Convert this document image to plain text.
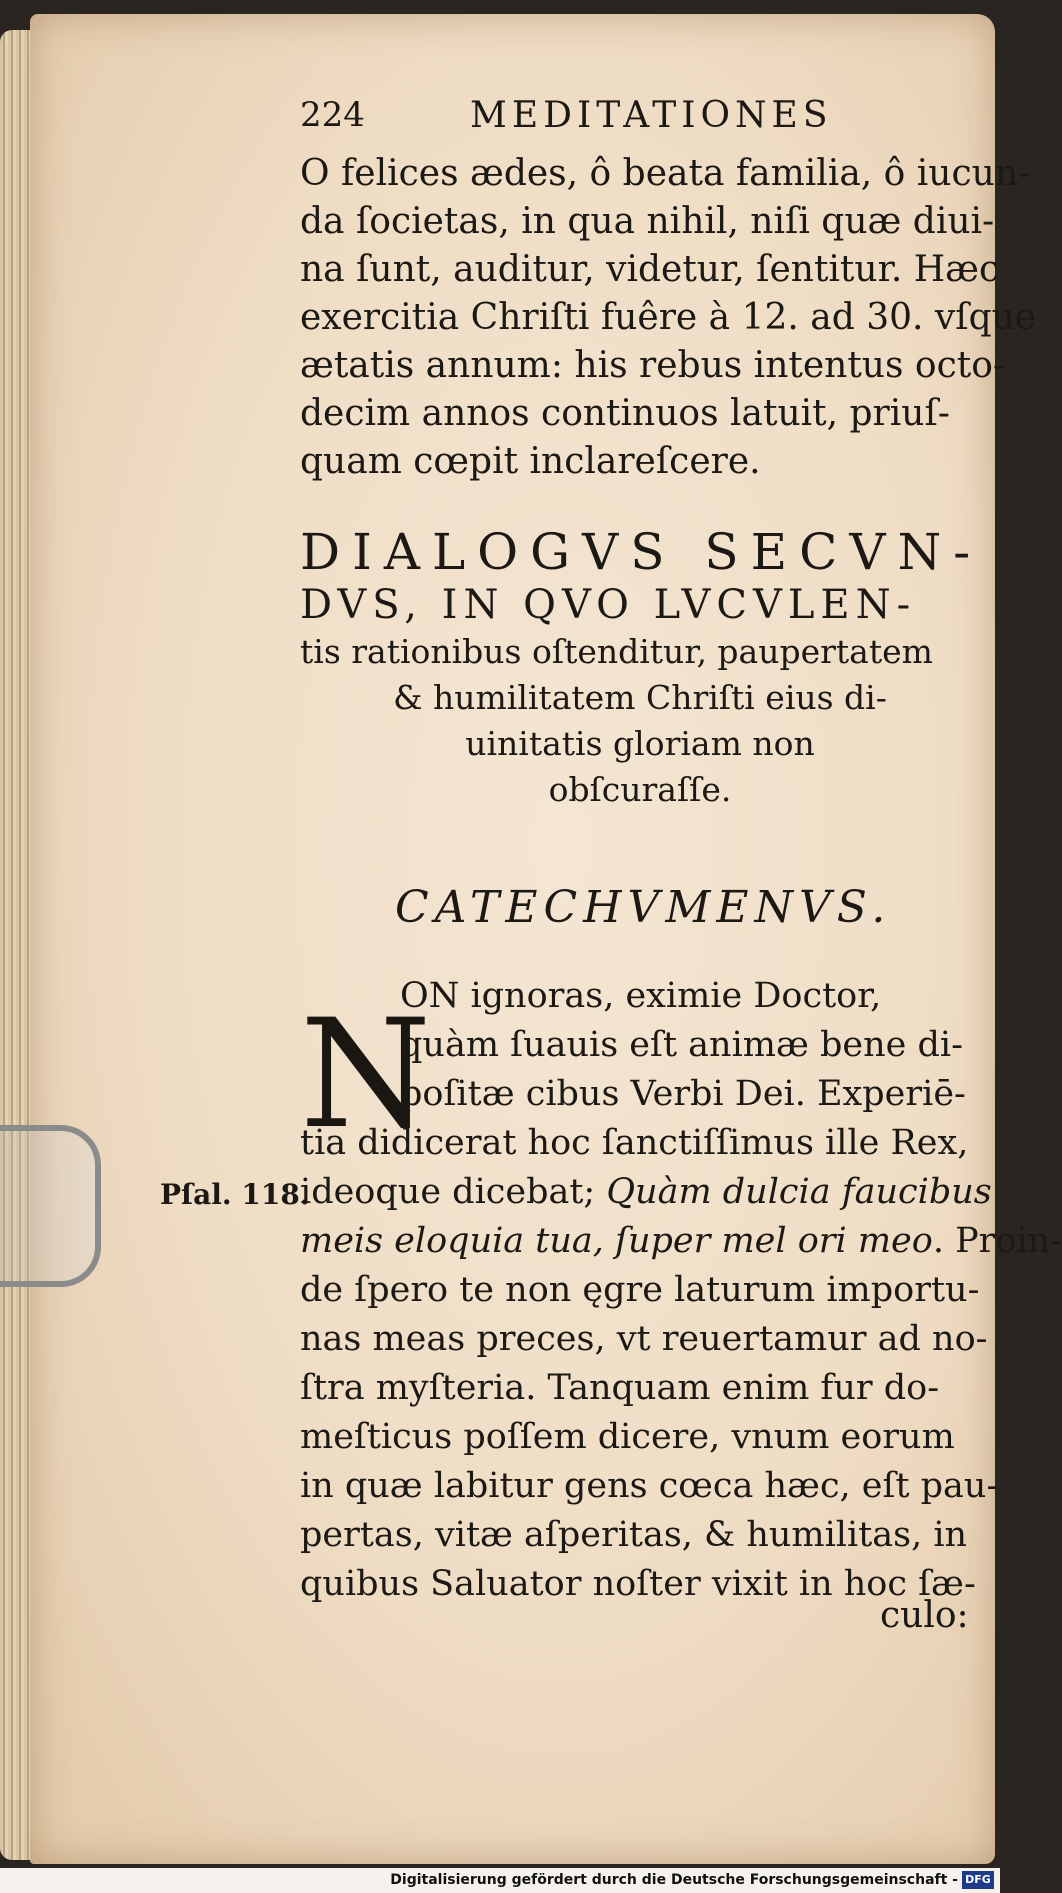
224	MEDITATIONES
O felices ædes, ô beata familia, ô iucun-
da ſocietas, in qua nihil, niſi quæ diui-
na ſunt, auditur, videtur, ſentitur. Hæc
exercitia Chriſti fuêre à 12. ad 30. vſque
ætatis annum: his rebus intentus octo-
decim annos continuos latuit, priuſ-
quam cœpit inclareſcere.
DIALOGVS SECVN-
DVS, IN QVO LVCVLEN-
tis rationibus oſtenditur, paupertatem
& humilitatem Chriſti eius di-
uinitatis gloriam non
obſcuraſſe.
CATECHVMENVS.
N
ON ignoras, eximie Doctor,
quàm ſuauis eſt animæ bene di-
poſitæ cibus Verbi Dei. Experiē-
tia didicerat hoc ſanctiſſimus ille Rex,
ideoque dicebat; Quàm dulcia faucibus
meis eloquia tua, ſuper mel ori meo. Proin-
de ſpero te non ęgre laturum importu-
nas meas preces, vt reuertamur ad no-
ſtra myſteria. Tanquam enim fur do-
meſticus poſſem dicere, vnum eorum
in quæ labitur gens cœca hæc, eſt pau-
pertas, vitæ aſperitas, & humilitas, in
quibus Saluator noſter vixit in hoc ſæ-
Pſal. 118.
culo:
Digitalisierung gefördert durch die Deutsche Forschungsgemeinschaft - DFG
